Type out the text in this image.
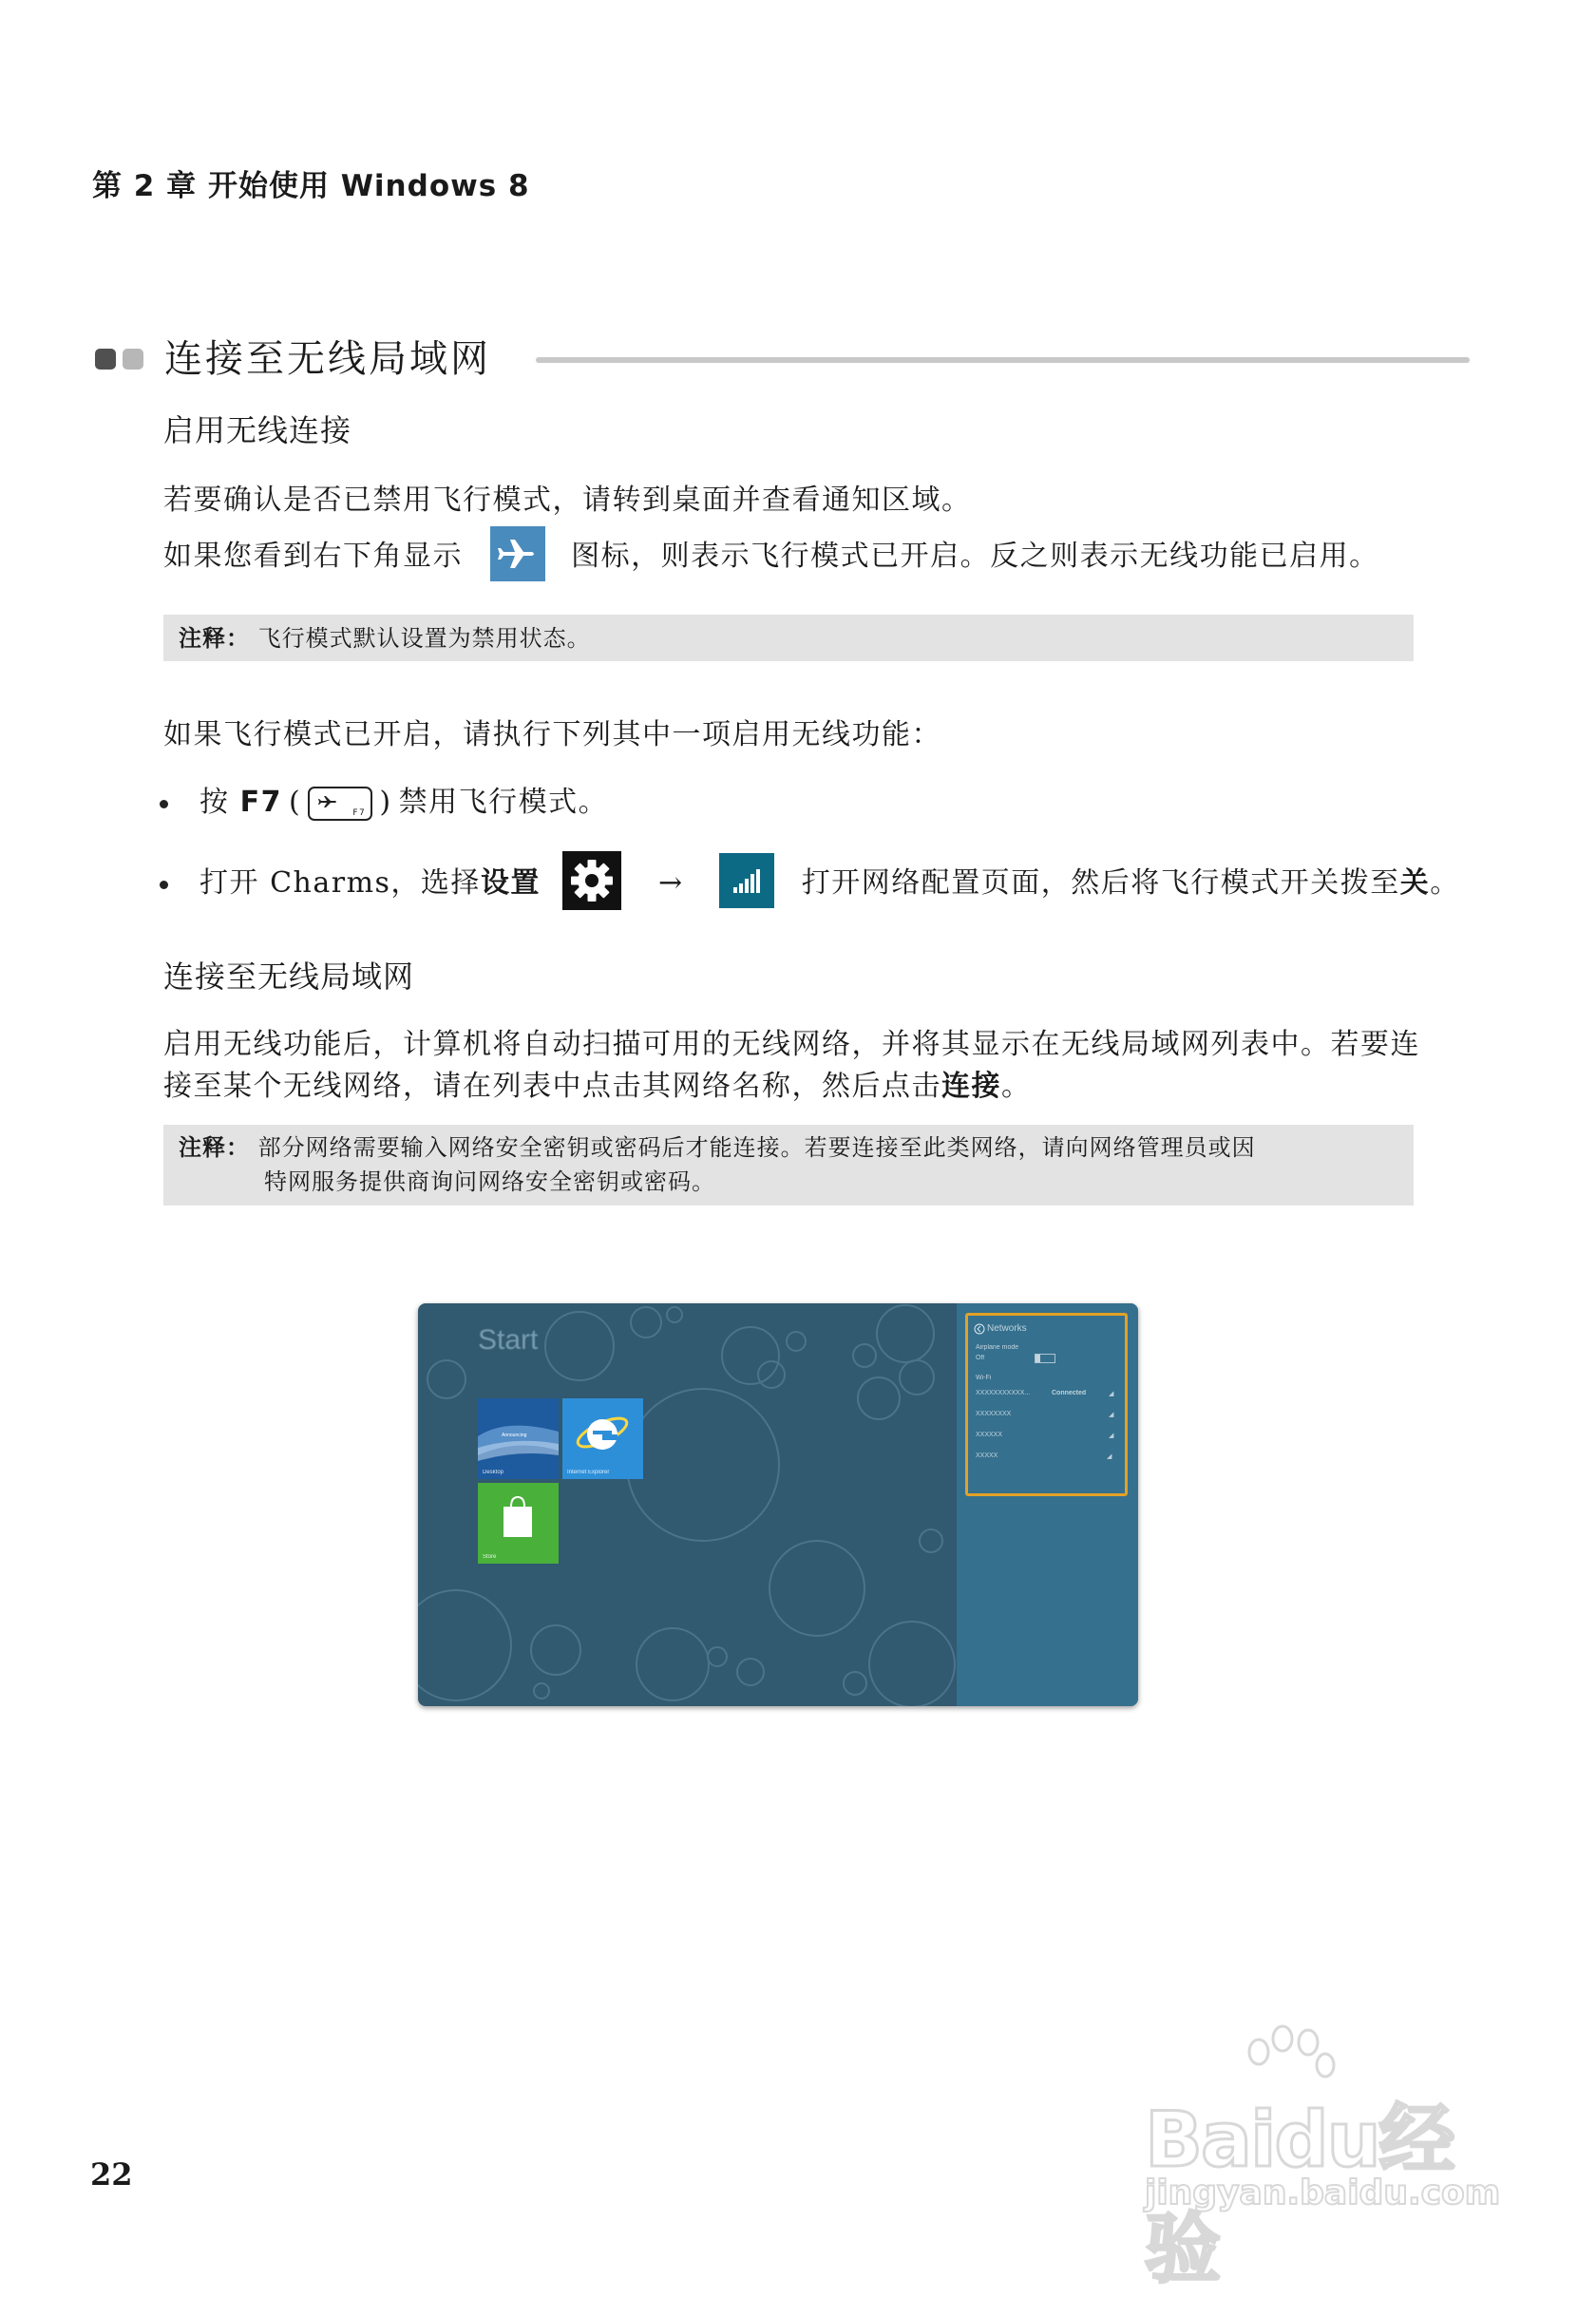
第 2 章 开始使用 Windows 8
连接至无线局域网
启用无线连接
若要确认是否已禁用飞行模式，请转到桌面并查看通知区域。
如果您看到右下角显示	图标，则表示飞行模式已开启。反之则表示无线功能已启用。
注释： 飞行模式默认设置为禁用状态。
如果飞行模式已开启，请执行下列其中一项启用无线功能：
按 F7 (	F7 ) 禁用飞行模式。
打开 Charms，选择设置	→	打开网络配置页面，然后将飞行模式开关拨至关。
连接至无线局域网
启用无线功能后，计算机将自动扫描可用的无线网络，并将其显示在无线局域网列表中。若要连
接至某个无线网络，请在列表中点击其网络名称，然后点击连接。
注释： 部分网络需要输入网络安全密钥或密码后才能连接。若要连接至此类网络，请向网络管理员或因
特网服务提供商询问网络安全密钥或密码。
Start
Announcing
Desktop	Internet Explorer
Store
Networks
Airplane mode
Off
Wi-Fi
XXXXXXXXXXX...	Connected	◢
XXXXXXXX	◢
XXXXXX	◢
XXXXX	◢
22	Baidu经验
jingyan.baidu.com
